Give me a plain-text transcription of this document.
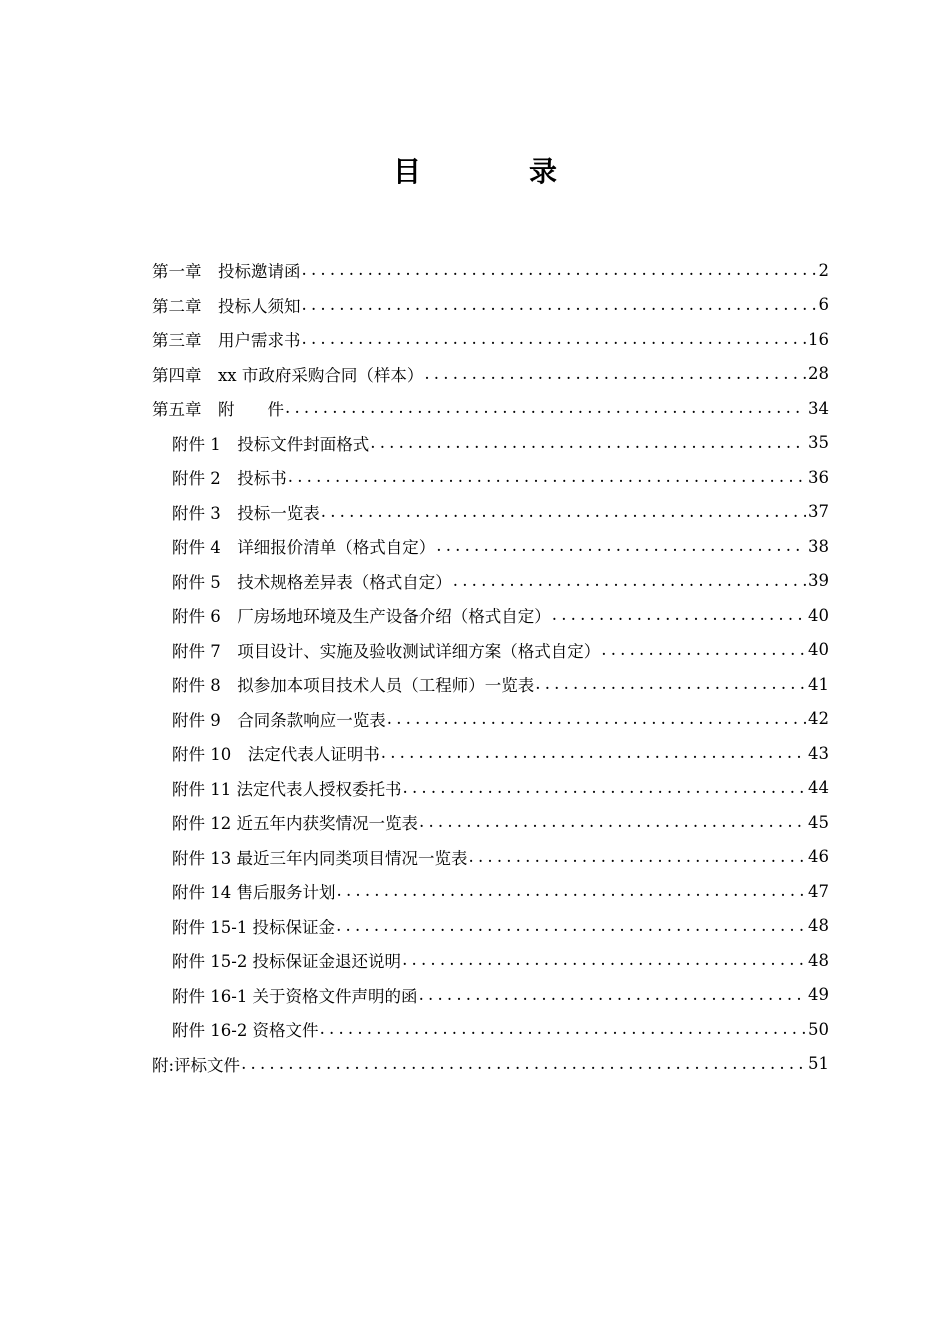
目　录
第一章　投标邀请函 .....	2
第二章　投标人须知 .....	6
第三章　用户需求书 .....	16
第四章　xx 市政府采购合同（样本） .....	28
第五章　附　　件 .....	34
附件 1　投标文件封面格式 .....	35
附件 2　投标书 .....	36
附件 3　投标一览表 .....	37
附件 4　详细报价清单（格式自定） .....	38
附件 5　技术规格差异表（格式自定） .....	39
附件 6　厂房场地环境及生产设备介绍（格式自定） .....	40
附件 7　项目设计、实施及验收测试详细方案（格式自定） .....	40
附件 8　拟参加本项目技术人员（工程师）一览表 .....	41
附件 9　合同条款响应一览表 .....	42
附件 10　法定代表人证明书 .....	43
附件 11 法定代表人授权委托书 .....	44
附件 12 近五年内获奖情况一览表 .....	45
附件 13 最近三年内同类项目情况一览表 .....	46
附件 14 售后服务计划 .....	47
附件 15-1 投标保证金 .....	48
附件 15-2 投标保证金退还说明 .....	48
附件 16-1 关于资格文件声明的函 .....	49
附件 16-2 资格文件 .....	50
附:评标文件 .....	51
